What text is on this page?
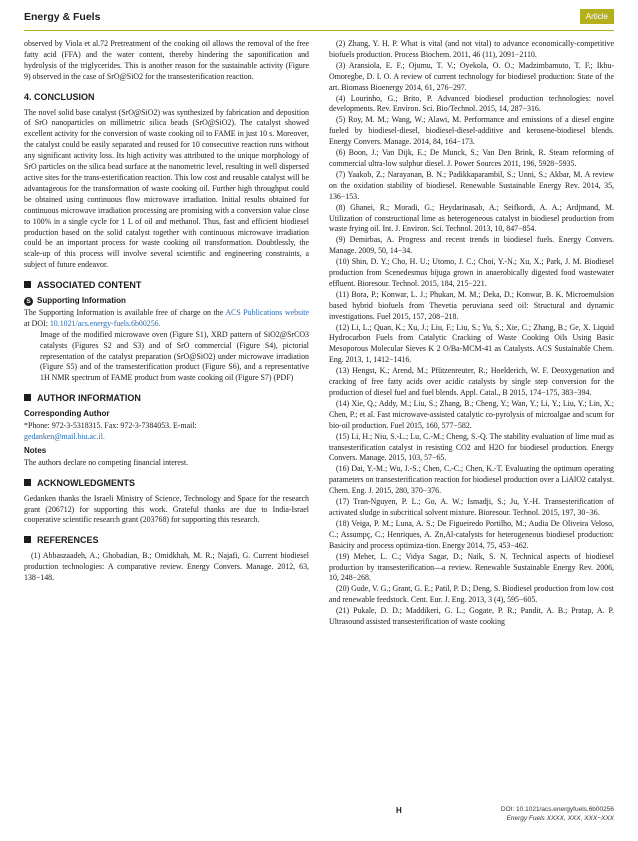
Energy & Fuels	Article

observed by Viola et al.72 Pretreatment of the cooking oil allows the removal of the free fatty acid (FFA) and the water content, thereby hindering the saponification and hydrolysis of the triglycerides. This is another reason for the sustainable activity (Figure 9) observed in the case of SrO@SiO2 for the transesterification reaction.

4. CONCLUSION

The novel solid base catalyst (SrO@SiO2) was synthesized by fabrication and deposition of SrO nanoparticles on millimetric silica beads (SrO@SiO2). The catalyst showed excellent activity for the conversion of waste cooking oil to FAME in just 10 s. Moreover, the catalyst could be easily separated and reused for 10 consecutive reaction runs without any significant activity loss. Its high activity was attributed to the unique morphology of SrO particles on the silica bead surface at the nanometric level, resulting in well dispersed active sites for the trans-esterification reaction. This low cost and reusable catalyst will be advantageous for the transformation of waste cooking oil. Further high throughput could be obtained using continuous flow microwave irradiation. Initial results obtained for continuous microwave irradiation processing are promising with a conversion value close to 100% in a single cycle for 1 L of oil and methanol. Thus, fast and efficient biodiesel production based on the solid catalyst together with continuous microwave irradiation could be an important process for waste cooking oil transformation. Doubtlessly, the scale-up of this process will involve several scientific and engineering constraints, a subject of future endeavor.

ASSOCIATED CONTENT
S Supporting Information

The Supporting Information is available free of charge on the ACS Publications website at DOI: 10.1021/acs.energy-fuels.6b00256.

Image of the modified microwave oven (Figure S1), XRD pattern of SiO2@SrCO3 catalysts (Figures S2 and S3) and of SrO commercial (Figure S4), pictorial representation of the catalyst preparation (SrO@SiO2) under microwave irradiation (Figure S5) and of the transesterification product (Figure S6), and a representative 1H NMR spectrum of FAME product from waste cooking oil (Figure S7) (PDF)

AUTHOR INFORMATION
Corresponding Author

*Phone: 972-3-5318315. Fax: 972-3-7384053. E-mail:
gedanken@mail.biu.ac.il.

Notes

The authors declare no competing financial interest.

ACKNOWLEDGMENTS

Gedanken thanks the Israeli Ministry of Science, Technology and Space for the research grant (206712) for supporting this work. Grateful thanks are due to India-Israel cooperative scientific research grant (203768) for supporting this research.

REFERENCES

(1) Abbaszaadeh, A.; Ghobadian, B.; Omidkhah, M. R.; Najafi, G. Current biodiesel production technologies: A comparative review. Energy Convers. Manage. 2012, 63, 138−148.

(2) Zhang, Y. H. P. What is vital (and not vital) to advance economically-competitive biofuels production. Process Biochem. 2011, 46 (11), 2091−2110.

(3) Aransiola, E. F.; Ojumu, T. V.; Oyekola, O. O.; Madzimbamuto, T. F.; Ikhu-Omoregbe, D. I. O. A review of current technology for biodiesel production: State of the art. Biomass Bioenergy 2014, 61, 276−297.

(4) Lourinho, G.; Brito, P. Advanced biodiesel production technologies: novel developments. Rev. Environ. Sci. Bio/Technol. 2015, 14, 287−316.

(5) Roy, M. M.; Wang, W.; Alawi, M. Performance and emissions of a diesel engine fueled by biodiesel-diesel, biodiesel-diesel-additive and kerosene-biodiesel blends. Energy Convers. Manage. 2014, 84, 164−173.

(6) Boon, J.; Van Dijk, E.; De Munck, S.; Van Den Brink, R. Steam reforming of commercial ultra-low sulphur diesel. J. Power Sources 2011, 196, 5928−5935.

(7) Yaakob, Z.; Narayanan, B. N.; Padikkaparambil, S.; Unni, S.; Akbar, M. A review on the oxidation stability of biodiesel. Renewable Sustainable Energy Rev. 2014, 35, 136−153.

(8) Ghanei, R.; Moradi, G.; Heydarinasab, A.; Seifkordi, A. A.; Ardjmand, M. Utilization of constructional lime as heterogeneous catalyst in biodiesel production from waste frying oil. Int. J. Environ. Sci. Technol. 2013, 10, 847−854.

(9) Demirbas, A. Progress and recent trends in biodiesel fuels. Energy Convers. Manage. 2009, 50, 14−34.

(10) Shin, D. Y.; Cho, H. U.; Utomo, J. C.; Choi, Y.-N.; Xu, X.; Park, J. M. Biodiesel production from Scenedesmus bijuga grown in anaerobically digested food wastewater effluent. Bioresour. Technol. 2015, 184, 215−221.

(11) Bora, P.; Konwar, L. J.; Phukan, M. M.; Deka, D.; Konwar, B. K. Microemulsion based hybrid biofuels from Thevetia peruviana seed oil: Structural and dynamic investigations. Fuel 2015, 157, 208−218.

(12) Li, L.; Quan, K.; Xu, J.; Liu, F.; Liu, S.; Yu, S.; Xie, C.; Zhang, B.; Ge, X. Liquid Hydrocarbon Fuels from Catalytic Cracking of Waste Cooking Oils Using Basic Mesoporous Molecular Sieves K 2 O/Ba-MCM-41 as Catalysts. ACS Sustainable Chem. Eng. 2013, 1, 1412−1416.

(13) Hengst, K.; Arend, M.; Pfützenreuter, R.; Hoelderich, W. F. Deoxygenation and cracking of free fatty acids over acidic catalysts by single step conversion for the production of diesel fuel and fuel blends. Appl. Catal., B 2015, 174−175, 383−394.

(14) Xie, Q.; Addy, M.; Liu, S.; Zhang, B.; Cheng, Y.; Wan, Y.; Li, Y.; Liu, Y.; Lin, X.; Chen, P.; et al. Fast microwave-assisted catalytic co-pyrolysis of microalgae and scum for bio-oil production. Fuel 2015, 160, 577−582.

(15) Li, H.; Niu, S.-L.; Lu, C.-M.; Cheng, S.-Q. The stability evaluation of lime mud as transesterification catalyst in resisting CO2 and H2O for biodiesel production. Energy Convers. Manage. 2015, 103, 57−65.

(16) Dai, Y.-M.; Wu, J.-S.; Chen, C.-C.; Chen, K.-T. Evaluating the optimum operating parameters on transesterification reaction for biodiesel production over a LiAlO2 catalyst. Chem. Eng. J. 2015, 280, 370−376.

(17) Tran-Nguyen, P. L.; Go, A. W.; Ismadji, S.; Ju, Y.-H. Transesterification of activated sludge in subcritical solvent mixture. Bioresour. Technol. 2015, 197, 30−36.

(18) Veiga, P. M.; Luna, A. S.; De Figueiredo Portilho, M.; Audia De Oliveira Veloso, C.; Assumpç, C.; Henriques, A. Zn,Al-catalysts for heterogeneous biodiesel production: Basicity and process optimiza-tion. Energy 2014, 75, 453−462.

(19) Meher, L. C.; Vidya Sagar, D.; Naik, S. N. Technical aspects of biodiesel production by transesterification—a review. Renewable Sustainable Energy Rev. 2006, 10, 248−268.

(20) Gude, V. G.; Grant, G. E.; Patil, P. D.; Deng, S. Biodiesel production from low cost and renewable feedstock. Cent. Eur. J. Eng. 2013, 3 (4), 595−605.

(21) Pukale, D. D.; Maddikeri, G. L.; Gogate, P. R.; Pandit, A. B.; Pratap, A. P. Ultrasound assisted transesterification of waste cooking

H	DOI: 10.1021/acs.energyfuels.6b00256
Energy Fuels XXXX, XXX, XXX−XXX
